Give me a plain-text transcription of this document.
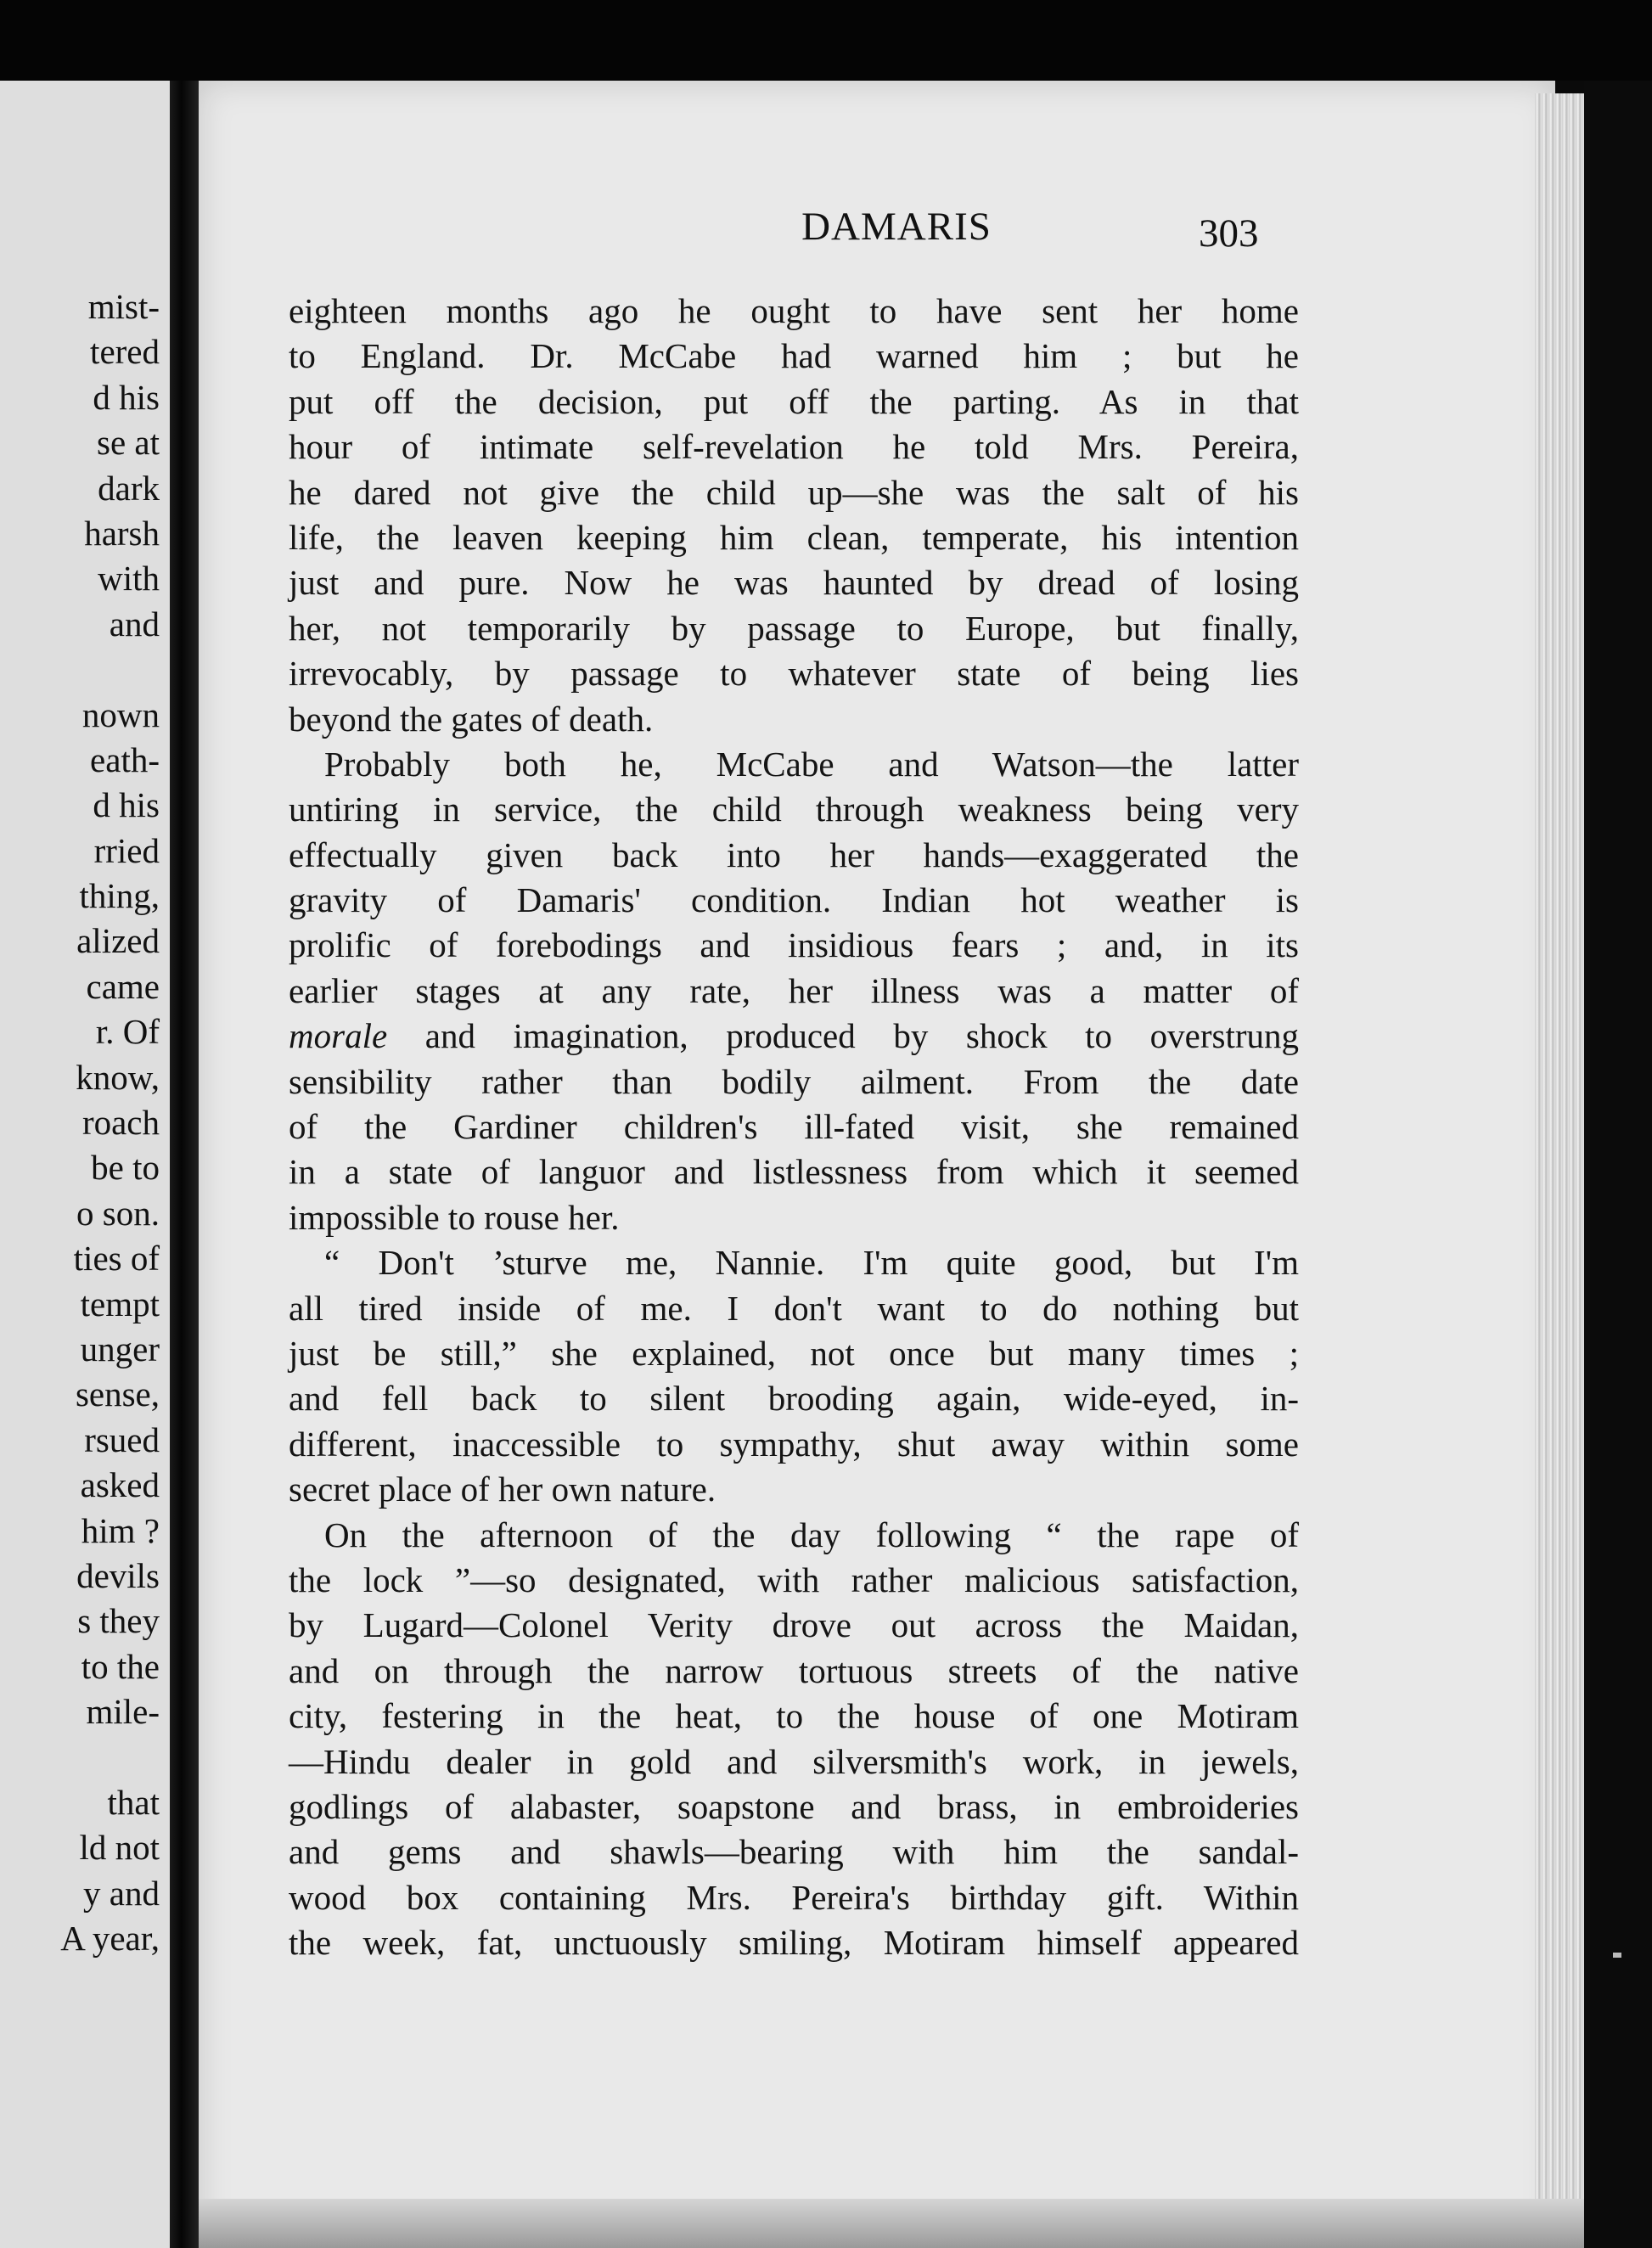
mist-
tered
d his
se at
dark
harsh
with
and
nown
eath-
d his
rried
thing,
alized
came
r. Of
know,
roach
be to
o son.
ties of
tempt
unger
sense,
rsued
asked
him ?
devils
s they
to the
mile-
that
ld not
y and
A year,
DAMARIS	303
eighteen months ago he ought to have sent her home
to England. Dr. McCabe had warned him ; but he
put off the decision, put off the parting. As in that
hour of intimate self-revelation he told Mrs. Pereira,
he dared not give the child up—she was the salt of his
life, the leaven keeping him clean, temperate, his intention
just and pure. Now he was haunted by dread of losing
her, not temporarily by passage to Europe, but finally,
irrevocably, by passage to whatever state of being lies
beyond the gates of death.
Probably both he, McCabe and Watson—the latter
untiring in service, the child through weakness being very
effectually given back into her hands—exaggerated the
gravity of Damaris' condition. Indian hot weather is
prolific of forebodings and insidious fears ; and, in its
earlier stages at any rate, her illness was a matter of
morale and imagination, produced by shock to overstrung
sensibility rather than bodily ailment. From the date
of the Gardiner children's ill-fated visit, she remained
in a state of languor and listlessness from which it seemed
impossible to rouse her.
“ Don't ’sturve me, Nannie. I'm quite good, but I'm
all tired inside of me. I don't want to do nothing but
just be still,” she explained, not once but many times ;
and fell back to silent brooding again, wide-eyed, in-
different, inaccessible to sympathy, shut away within some
secret place of her own nature.
On the afternoon of the day following “ the rape of
the lock ”—so designated, with rather malicious satisfaction,
by Lugard—Colonel Verity drove out across the Maidan,
and on through the narrow tortuous streets of the native
city, festering in the heat, to the house of one Motiram
—Hindu dealer in gold and silversmith's work, in jewels,
godlings of alabaster, soapstone and brass, in embroideries
and gems and shawls—bearing with him the sandal-
wood box containing Mrs. Pereira's birthday gift. Within
the week, fat, unctuously smiling, Motiram himself appeared
